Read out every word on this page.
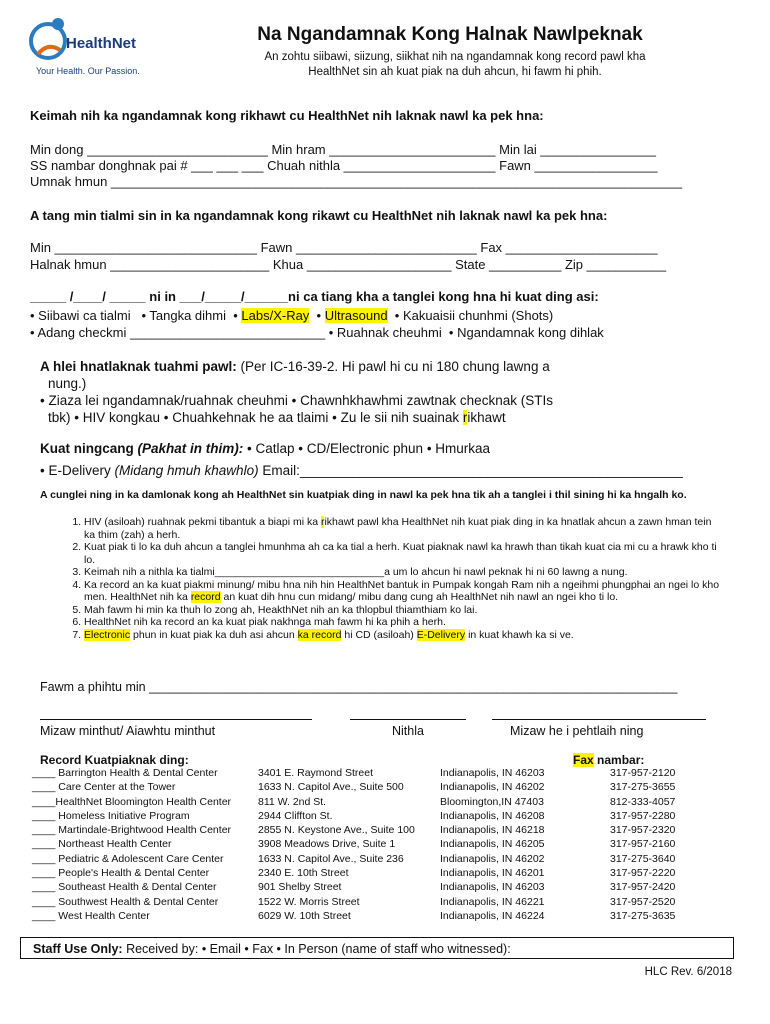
HealthNet
Your Health. Our Passion.
Na Ngandamnak Kong Halnak Nawlpeknak
An zohtu siibawi, siizung, siikhat nih na ngandamnak kong record pawl kha
HealthNet sin ah kuat piak na duh ahcun, hi fawm hi phih.
Keimah nih ka ngandamnak kong rikhawt cu HealthNet nih laknak nawl ka pek hna:
Min dong _________________________ Min hram _______________________ Min lai ________________
SS nambar donghnak pai # ___ ___ ___ Chuah nithla _____________________ Fawn _________________
Umnak hmun _______________________________________________________________________________
A tang min tialmi sin in ka ngandamnak kong rikawt cu HealthNet nih laknak nawl ka pek hna:
Min ____________________________ Fawn _________________________ Fax _____________________
Halnak hmun ______________________ Khua ____________________ State __________ Zip ___________
_____ /____/ _____ ni in ___/_____/______ni ca tiang kha a tanglei kong hna hi kuat ding asi:
• Siibawi ca tialmi   • Tangka dihmi  • Labs/X-Ray  • Ultrasound  • Kakuaisii chunhmi (Shots)
• Adang checkmi ___________________________ • Ruahnak cheuhmi  • Ngandamnak kong dihlak
A hlei hnatlaknak tuahmi pawl: (Per IC-16-39-2. Hi pawl hi cu ni 180 chung lawng a
nung.)
• Ziaza lei ngandamnak/ruahnak cheuhmi • Chawnhkhawhmi zawtnak checknak (STIs
tbk) • HIV kongkau • Chuahkehnak he aa tlaimi • Zu le sii nih suainak rikhawt
Kuat ningcang (Pakhat in thim): • Catlap • CD/Electronic phun • Hmurkaa
• E-Delivery (Midang hmuh khawhlo) Email:___________________________________________________
A cunglei ning in ka damlonak kong ah HealthNet sin kuatpiak ding in nawl ka pek hna tik ah a tanglei i thil sining hi ka hngalh ko.
1. HIV (asiloah) ruahnak pekmi tibantuk a biapi mi ka rikhawt pawl kha HealthNet nih kuat piak ding in ka hnatlak ahcun a zawn hman tein ka thim (zah) a herh.
2. Kuat piak ti lo ka duh ahcun a tanglei hmunhma ah ca ka tial a herh. Kuat piaknak nawl ka hrawh than tikah kuat cia mi cu a hrawk kho ti lo.
3. Keimah nih a nithla ka tialmi_____________________________a um lo ahcun hi nawl peknak hi ni 60 lawng a nung.
4. Ka record an ka kuat piakmi minung/ mibu hna nih hin HealthNet bantuk in Pumpak kongah Ram nih a ngeihmi phungphai an ngei lo kho men. HealthNet nih ka record an kuat dih hnu cun midang/ mibu dang cung ah HealthNet nih nawl an ngei kho ti lo.
5. Mah fawm hi min ka thuh lo zong ah, HeakthNet nih an ka thlopbul thiamthiam ko lai.
6. HealthNet nih ka record an ka kuat piak nakhnga mah fawm hi ka phih a herh.
7. Electronic phun in kuat piak ka duh asi ahcun ka record hi CD (asiloah) E-Delivery in kuat khawh ka si ve.
Fawm a phihtu min ____________________________________________________________________________
Mizaw minthut/ Aiawhtu minthut	Nithla	Mizaw he i pehtlaih ning
Record Kuatpiaknak ding:	Fax nambar:
____ Barrington Health & Dental Center	3401 E. Raymond Street	Indianapolis, IN 46203	317-957-2120
____ Care Center at the Tower	1633 N. Capitol Ave., Suite 500	Indianapolis, IN 46202	317-275-3655
____HealthNet Bloomington Health Center	811 W. 2nd St.	Bloomington,IN 47403	812-333-4057
____ Homeless Initiative Program	2944 Cliffton St.	Indianapolis, IN 46208	317-957-2280
____ Martindale-Brightwood Health Center	2855 N. Keystone Ave., Suite 100	Indianapolis, IN 46218	317-957-2320
____ Northeast Health Center	3908 Meadows Drive, Suite 1	Indianapolis, IN 46205	317-957-2160
____ Pediatric & Adolescent Care Center	1633 N. Capitol Ave., Suite 236	Indianapolis, IN 46202	317-275-3640
____ People's Health & Dental Center	2340 E. 10th Street	Indianapolis, IN 46201	317-957-2220
____ Southeast Health & Dental Center	901 Shelby Street	Indianapolis, IN 46203	317-957-2420
____ Southwest Health & Dental Center	1522 W. Morris Street	Indianapolis, IN 46221	317-957-2520
____ West Health Center	6029 W. 10th Street	Indianapolis, IN 46224	317-275-3635
Staff Use Only: Received by: • Email • Fax • In Person (name of staff who witnessed):
HLC Rev. 6/2018
